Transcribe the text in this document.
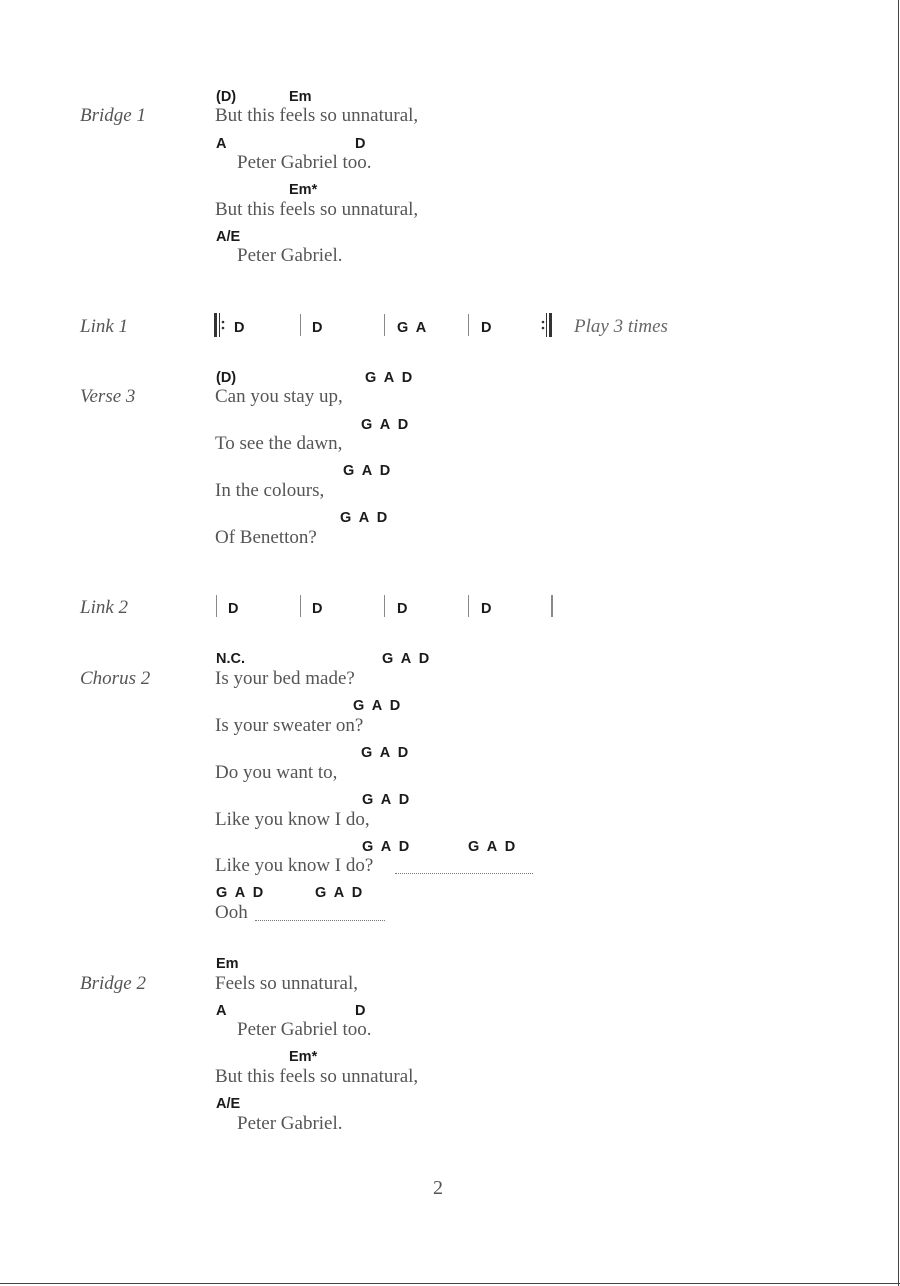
Bridge 1
(D)	Em
But this feels so unnatural,
A	D
Peter Gabriel too.
Em*
But this feels so unnatural,
A/E
Peter Gabriel.
Link 1	D	D	G  A	D	Play 3 times
Verse 3
(D)	G  A  D
Can you stay up,
G  A  D
To see the dawn,
G  A  D
In the colours,
G  A  D
Of Benetton?
Link 2	D	D	D	D
Chorus 2
N.C.	G  A  D
Is your bed made?
G  A  D
Is your sweater on?
G  A  D
Do you want to,
G  A  D
Like you know I do,
G  A  D	G  A  D
Like you know I do?
G  A  D	G  A  D
Ooh
Bridge 2
Em
Feels so unnatural,
A	D
Peter Gabriel too.
Em*
But this feels so unnatural,
A/E
Peter Gabriel.
2
